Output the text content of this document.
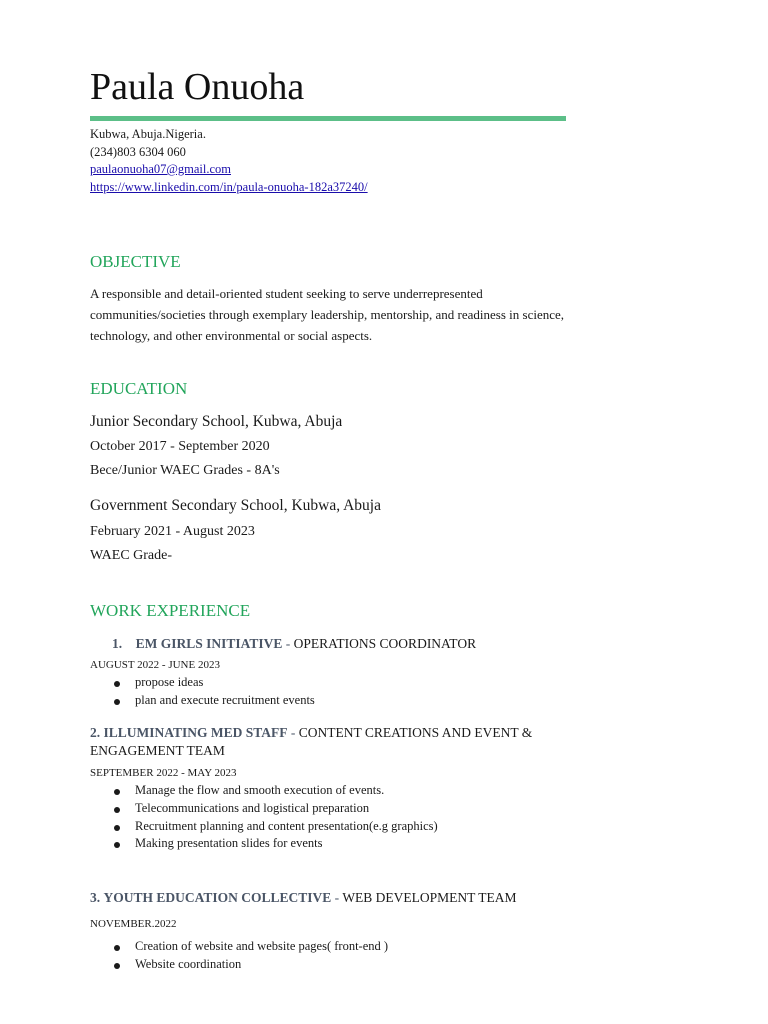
Paula Onuoha
Kubwa, Abuja.Nigeria.
(234)803 6304 060
paulaonuoha07@gmail.com
https://www.linkedin.com/in/paula-onuoha-182a37240/
OBJECTIVE
A responsible and detail-oriented student seeking to serve underrepresented communities/societies through exemplary leadership, mentorship, and readiness in science, technology, and other environmental or social aspects.
EDUCATION
Junior Secondary School, Kubwa, Abuja
October 2017 - September 2020
Bece/Junior WAEC Grades - 8A's
Government Secondary School, Kubwa, Abuja
February 2021 - August 2023
WAEC Grade-
WORK EXPERIENCE
1. EM GIRLS INITIATIVE - OPERATIONS COORDINATOR
AUGUST 2022 - JUNE 2023
propose ideas
plan and execute recruitment events
2. ILLUMINATING MED STAFF - CONTENT CREATIONS AND EVENT & ENGAGEMENT TEAM
SEPTEMBER 2022 - MAY 2023
Manage the flow and smooth execution of events.
Telecommunications and logistical preparation
Recruitment planning and content presentation(e.g graphics)
Making presentation slides for events
3. YOUTH EDUCATION COLLECTIVE - WEB DEVELOPMENT TEAM
NOVEMBER.2022
Creation of website and website pages( front-end )
Website coordination
